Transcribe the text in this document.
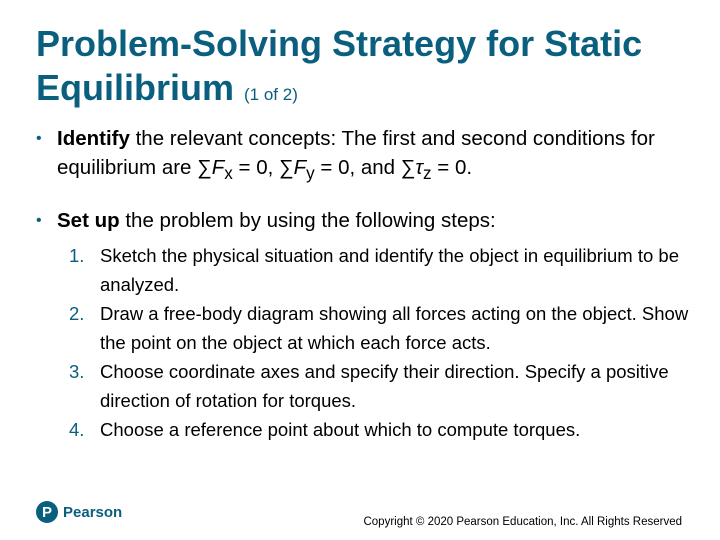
Problem-Solving Strategy for Static Equilibrium (1 of 2)
• Identify the relevant concepts: The first and second conditions for equilibrium are $\sum F_x = 0$, $\sum F_y = 0$, and $\sum\tau_z = 0$.
• Set up the problem by using the following steps:
1. Sketch the physical situation and identify the object in equilibrium to be analyzed.
2. Draw a free-body diagram showing all forces acting on the object. Show the point on the object at which each force acts.
3. Choose coordinate axes and specify their direction. Specify a positive direction of rotation for torques.
4. Choose a reference point about which to compute torques.
P Pearson
Copyright © 2020 Pearson Education, Inc. All Rights Reserved
